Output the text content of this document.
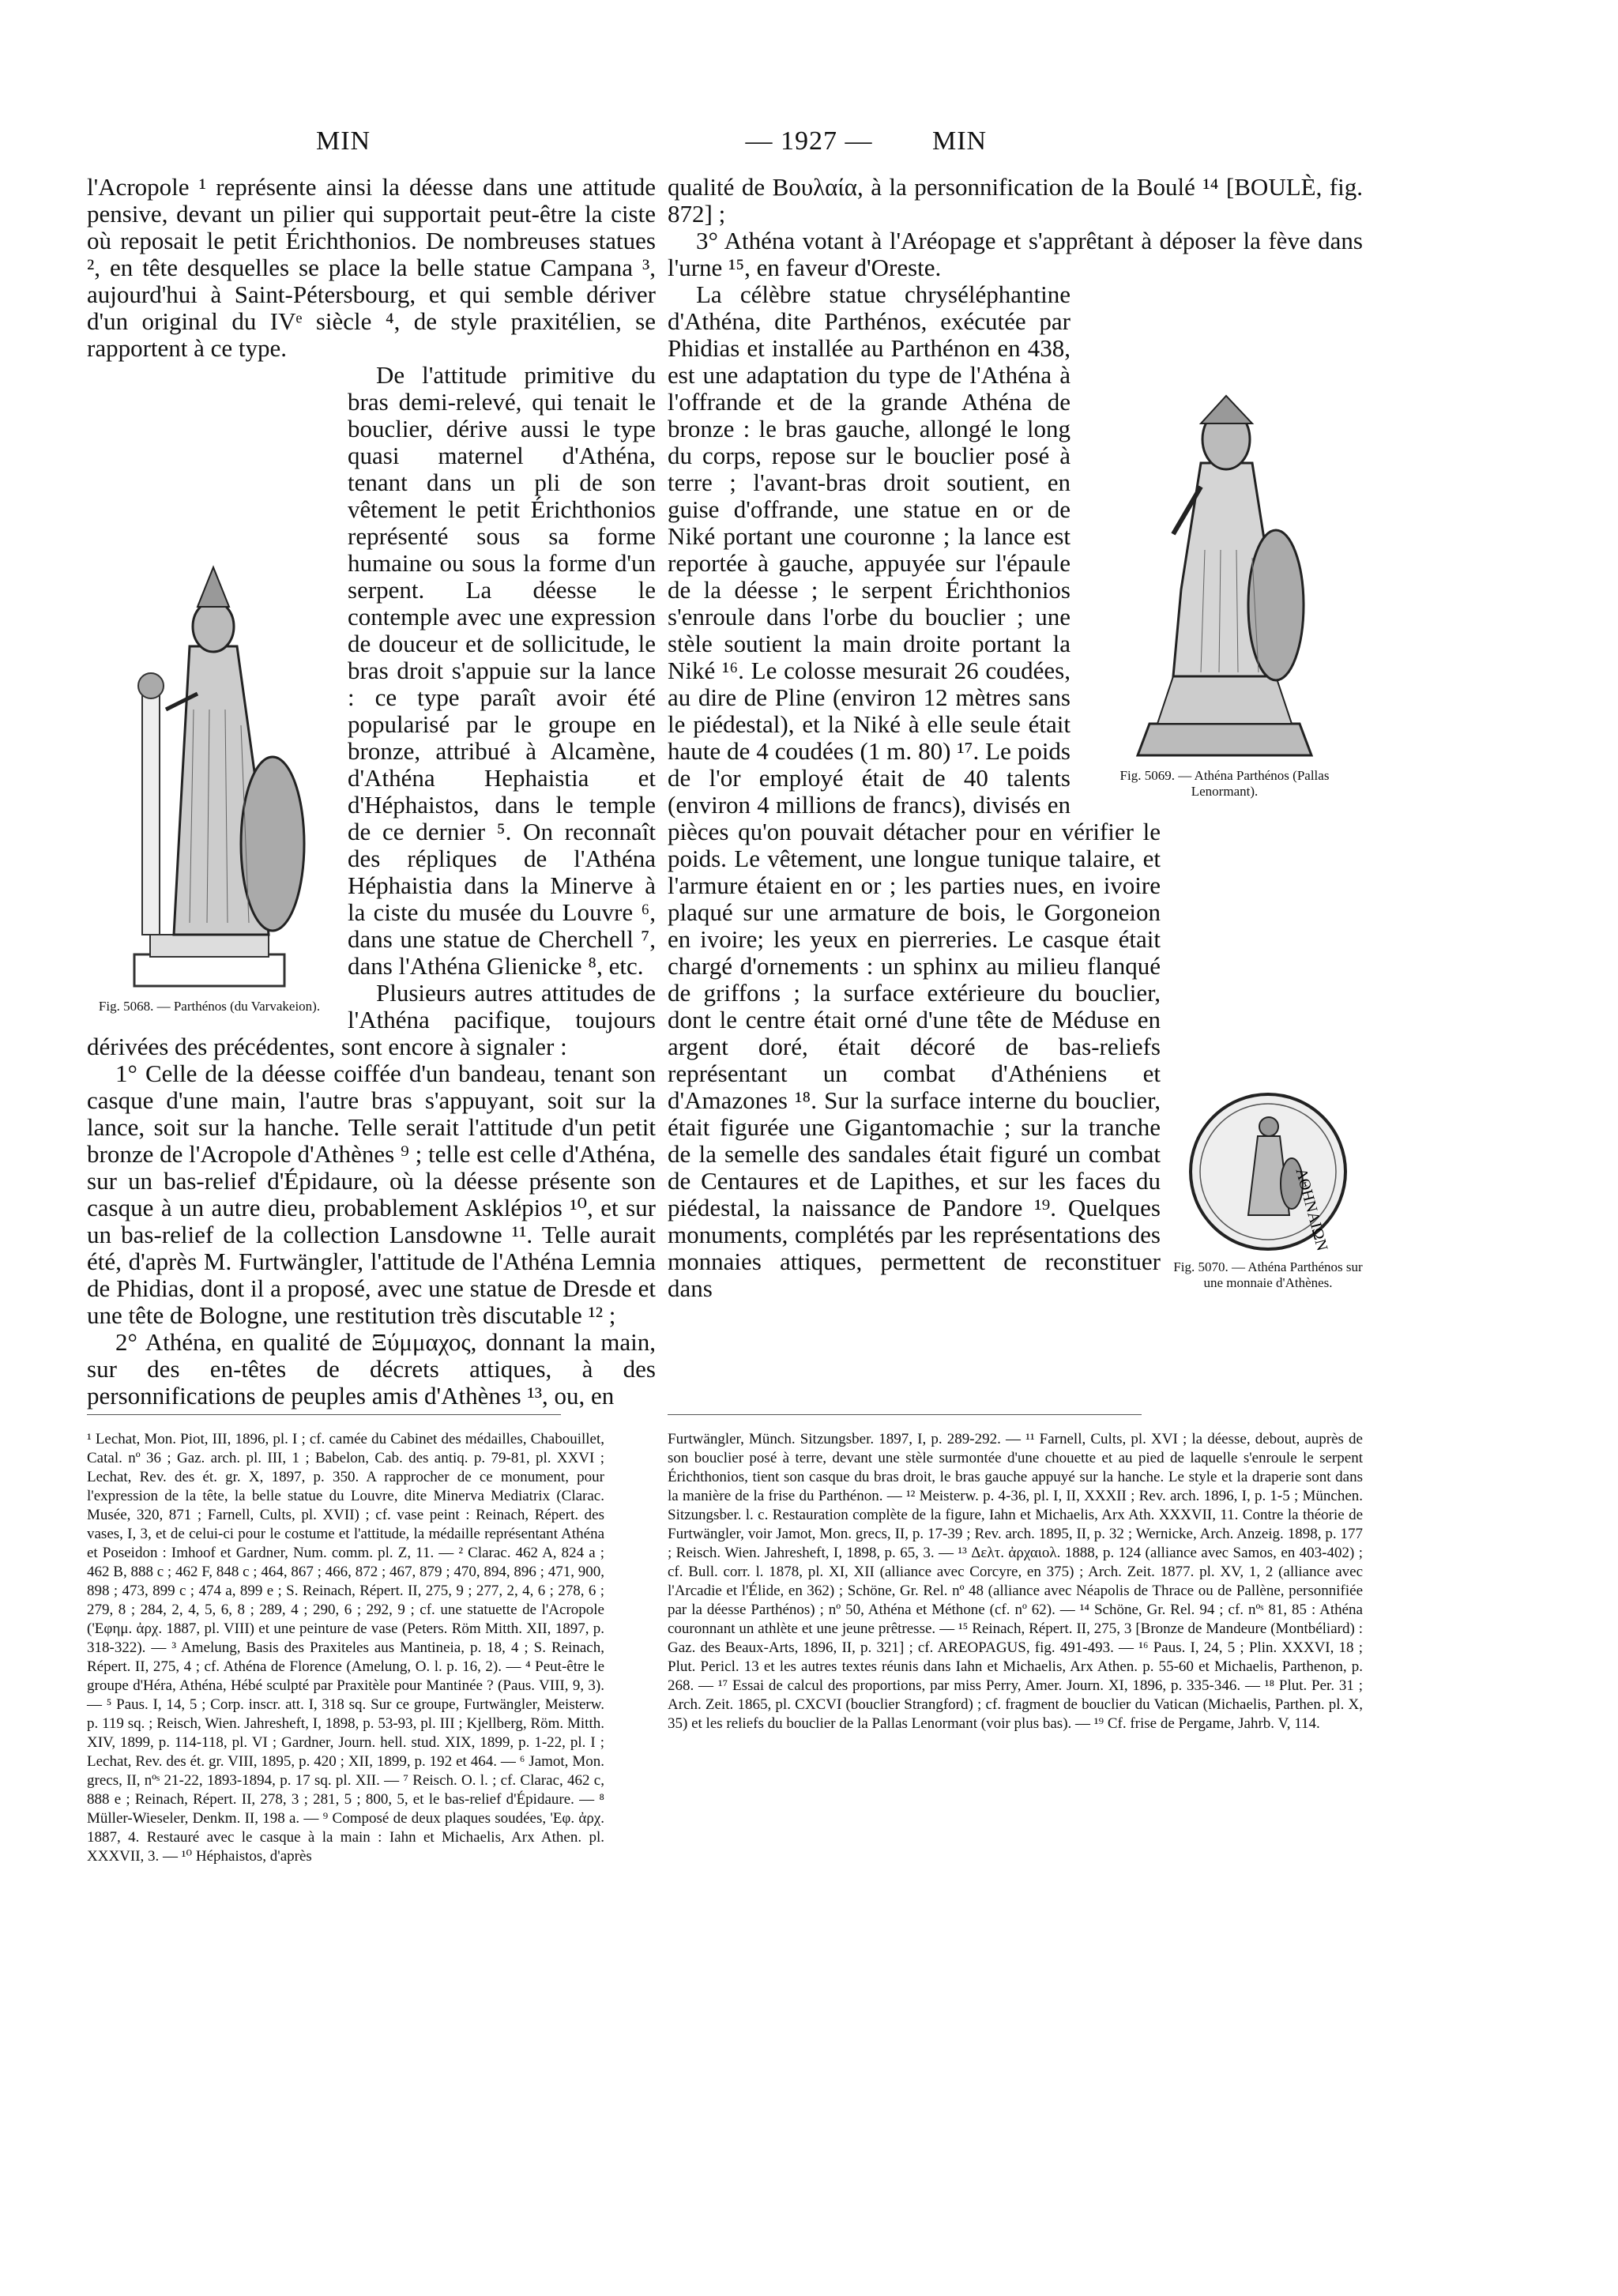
MIN	— 1927 —	MIN

l'Acropole ¹ représente ainsi la déesse dans une attitude pensive, devant un pilier qui supportait peut-être la ciste où reposait le petit Érichthonios. De nombreuses statues ², en tête desquelles se place la belle statue Campana ³, aujourd'hui à Saint-Pétersbourg, et qui semble dériver d'un original du IVᵉ siècle ⁴, de style praxitélien, se rapportent à ce type.

Fig. 5068. — Parthénos (du Varvakeion).

De l'attitude primitive du bras demi-relevé, qui tenait le bouclier, dérive aussi le type quasi maternel d'Athéna, tenant dans un pli de son vêtement le petit Érichthonios représenté sous sa forme humaine ou sous la forme d'un serpent. La déesse le contemple avec une expression de douceur et de sollicitude, le bras droit s'appuie sur la lance : ce type paraît avoir été popularisé par le groupe en bronze, attribué à Alcamène, d'Athéna Hephaistia et d'Héphaistos, dans le temple de ce dernier ⁵. On reconnaît des répliques de l'Athéna Héphaistia dans la Minerve à la ciste du musée du Louvre ⁶, dans une statue de Cherchell ⁷, dans l'Athéna Glienicke ⁸, etc.

Plusieurs autres attitudes de l'Athéna pacifique, toujours dérivées des précédentes, sont encore à signaler :

1° Celle de la déesse coiffée d'un bandeau, tenant son casque d'une main, l'autre bras s'appuyant, soit sur la lance, soit sur la hanche. Telle serait l'attitude d'un petit bronze de l'Acropole d'Athènes ⁹ ; telle est celle d'Athéna, sur un bas-relief d'Épidaure, où la déesse présente son casque à un autre dieu, probablement Asklépios ¹⁰, et sur un bas-relief de la collection Lansdowne ¹¹. Telle aurait été, d'après M. Furtwängler, l'attitude de l'Athéna Lemnia de Phidias, dont il a proposé, avec une statue de Dresde et une tête de Bologne, une restitution très discutable ¹² ;

2° Athéna, en qualité de Ξύμμαχος, donnant la main, sur des en-têtes de décrets attiques, à des personnifications de peuples amis d'Athènes ¹³, ou, en

qualité de Βουλαία, à la personnification de la Boulé ¹⁴ [BOULÈ, fig. 872] ;

3° Athéna votant à l'Aréopage et s'apprêtant à déposer la fève dans l'urne ¹⁵, en faveur d'Oreste.

Fig. 5069. — Athéna Parthénos (Pallas Lenormant).
ΑΘΗΝΑΙΩΝ
Fig. 5070. — Athéna Parthénos sur une monnaie d'Athènes.

La célèbre statue chryséléphantine d'Athéna, dite Parthénos, exécutée par Phidias et installée au Parthénon en 438, est une adaptation du type de l'Athéna à l'offrande et de la grande Athéna de bronze : le bras gauche, allongé le long du corps, repose sur le bouclier posé à terre ; l'avant-bras droit soutient, en guise d'offrande, une statue en or de Niké portant une couronne ; la lance est reportée à gauche, appuyée sur l'épaule de la déesse ; le serpent Érichthonios s'enroule dans l'orbe du bouclier ; une stèle soutient la main droite portant la Niké ¹⁶. Le colosse mesurait 26 coudées, au dire de Pline (environ 12 mètres sans le piédestal), et la Niké à elle seule était haute de 4 coudées (1 m. 80) ¹⁷. Le poids de l'or employé était de 40 talents (environ 4 millions de francs), divisés en pièces qu'on pouvait détacher pour en vérifier le poids. Le vêtement, une longue tunique talaire, et l'armure étaient en or ; les parties nues, en ivoire plaqué sur une armature de bois, le Gorgoneion en ivoire; les yeux en pierreries. Le casque était chargé d'ornements : un sphinx au milieu flanqué de griffons ; la surface extérieure du bouclier, dont le centre était orné d'une tête de Méduse en argent doré, était décoré de bas-reliefs représentant un combat d'Athéniens et d'Amazones ¹⁸. Sur la surface interne du bouclier, était figurée une Gigantomachie ; sur la tranche de la semelle des sandales était figuré un combat de Centaures et de Lapithes, et sur les faces du piédestal, la naissance de Pandore ¹⁹. Quelques monuments, complétés par les représentations des monnaies attiques, permettent de reconstituer dans

¹ Lechat, Mon. Piot, III, 1896, pl. I ; cf. camée du Cabinet des médailles, Chabouillet, Catal. nº 36 ; Gaz. arch. pl. III, 1 ; Babelon, Cab. des antiq. p. 79-81, pl. XXVI ; Lechat, Rev. des ét. gr. X, 1897, p. 350. A rapprocher de ce monument, pour l'expression de la tête, la belle statue du Louvre, dite Minerva Mediatrix (Clarac. Musée, 320, 871 ; Farnell, Cults, pl. XVII) ; cf. vase peint : Reinach, Répert. des vases, I, 3, et de celui-ci pour le costume et l'attitude, la médaille représentant Athéna et Poseidon : Imhoof et Gardner, Num. comm. pl. Z, 11. — ² Clarac. 462 A, 824 a ; 462 B, 888 c ; 462 F, 848 c ; 464, 867 ; 466, 872 ; 467, 879 ; 470, 894, 896 ; 471, 900, 898 ; 473, 899 c ; 474 a, 899 e ; S. Reinach, Répert. II, 275, 9 ; 277, 2, 4, 6 ; 278, 6 ; 279, 8 ; 284, 2, 4, 5, 6, 8 ; 289, 4 ; 290, 6 ; 292, 9 ; cf. une statuette de l'Acropole ('Εφημ. ἀρχ. 1887, pl. VIII) et une peinture de vase (Peters. Röm Mitth. XII, 1897, p. 318-322). — ³ Amelung, Basis des Praxiteles aus Mantineia, p. 18, 4 ; S. Reinach, Répert. II, 275, 4 ; cf. Athéna de Florence (Amelung, O. l. p. 16, 2). — ⁴ Peut-être le groupe d'Héra, Athéna, Hébé sculpté par Praxitèle pour Mantinée ? (Paus. VIII, 9, 3). — ⁵ Paus. I, 14, 5 ; Corp. inscr. att. I, 318 sq. Sur ce groupe, Furtwängler, Meisterw. p. 119 sq. ; Reisch, Wien. Jahresheft, I, 1898, p. 53-93, pl. III ; Kjellberg, Röm. Mitth. XIV, 1899, p. 114-118, pl. VI ; Gardner, Journ. hell. stud. XIX, 1899, p. 1-22, pl. I ; Lechat, Rev. des ét. gr. VIII, 1895, p. 420 ; XII, 1899, p. 192 et 464. — ⁶ Jamot, Mon. grecs, II, nºˢ 21-22, 1893-1894, p. 17 sq. pl. XII. — ⁷ Reisch. O. l. ; cf. Clarac, 462 c, 888 e ; Reinach, Répert. II, 278, 3 ; 281, 5 ; 800, 5, et le bas-relief d'Épidaure. — ⁸ Müller-Wieseler, Denkm. II, 198 a. — ⁹ Composé de deux plaques soudées, 'Εφ. ἀρχ. 1887, 4. Restauré avec le casque à la main : Iahn et Michaelis, Arx Athen. pl. XXXVII, 3. — ¹⁰ Héphaistos, d'après

Furtwängler, Münch. Sitzungsber. 1897, I, p. 289-292. — ¹¹ Farnell, Cults, pl. XVI ; la déesse, debout, auprès de son bouclier posé à terre, devant une stèle surmontée d'une chouette et au pied de laquelle s'enroule le serpent Érichthonios, tient son casque du bras droit, le bras gauche appuyé sur la hanche. Le style et la draperie sont dans la manière de la frise du Parthénon. — ¹² Meisterw. p. 4-36, pl. I, II, XXXII ; Rev. arch. 1896, I, p. 1-5 ; München. Sitzungsber. l. c. Restauration complète de la figure, Iahn et Michaelis, Arx Ath. XXXVII, 11. Contre la théorie de Furtwängler, voir Jamot, Mon. grecs, II, p. 17-39 ; Rev. arch. 1895, II, p. 32 ; Wernicke, Arch. Anzeig. 1898, p. 177 ; Reisch. Wien. Jahresheft, I, 1898, p. 65, 3. — ¹³ Δελτ. ἀρχαιολ. 1888, p. 124 (alliance avec Samos, en 403-402) ; cf. Bull. corr. l. 1878, pl. XI, XII (alliance avec Corcyre, en 375) ; Arch. Zeit. 1877. pl. XV, 1, 2 (alliance avec l'Arcadie et l'Élide, en 362) ; Schöne, Gr. Rel. nº 48 (alliance avec Néapolis de Thrace ou de Pallène, personnifiée par la déesse Parthénos) ; nº 50, Athéna et Méthone (cf. nº 62). — ¹⁴ Schöne, Gr. Rel. 94 ; cf. nºˢ 81, 85 : Athéna couronnant un athlète et une jeune prêtresse. — ¹⁵ Reinach, Répert. II, 275, 3 [Bronze de Mandeure (Montbéliard) : Gaz. des Beaux-Arts, 1896, II, p. 321] ; cf. AREOPAGUS, fig. 491-493. — ¹⁶ Paus. I, 24, 5 ; Plin. XXXVI, 18 ; Plut. Pericl. 13 et les autres textes réunis dans Iahn et Michaelis, Arx Athen. p. 55-60 et Michaelis, Parthenon, p. 268. — ¹⁷ Essai de calcul des proportions, par miss Perry, Amer. Journ. XI, 1896, p. 335-346. — ¹⁸ Plut. Per. 31 ; Arch. Zeit. 1865, pl. CXCVI (bouclier Strangford) ; cf. fragment de bouclier du Vatican (Michaelis, Parthen. pl. X, 35) et les reliefs du bouclier de la Pallas Lenormant (voir plus bas). — ¹⁹ Cf. frise de Pergame, Jahrb. V, 114.
